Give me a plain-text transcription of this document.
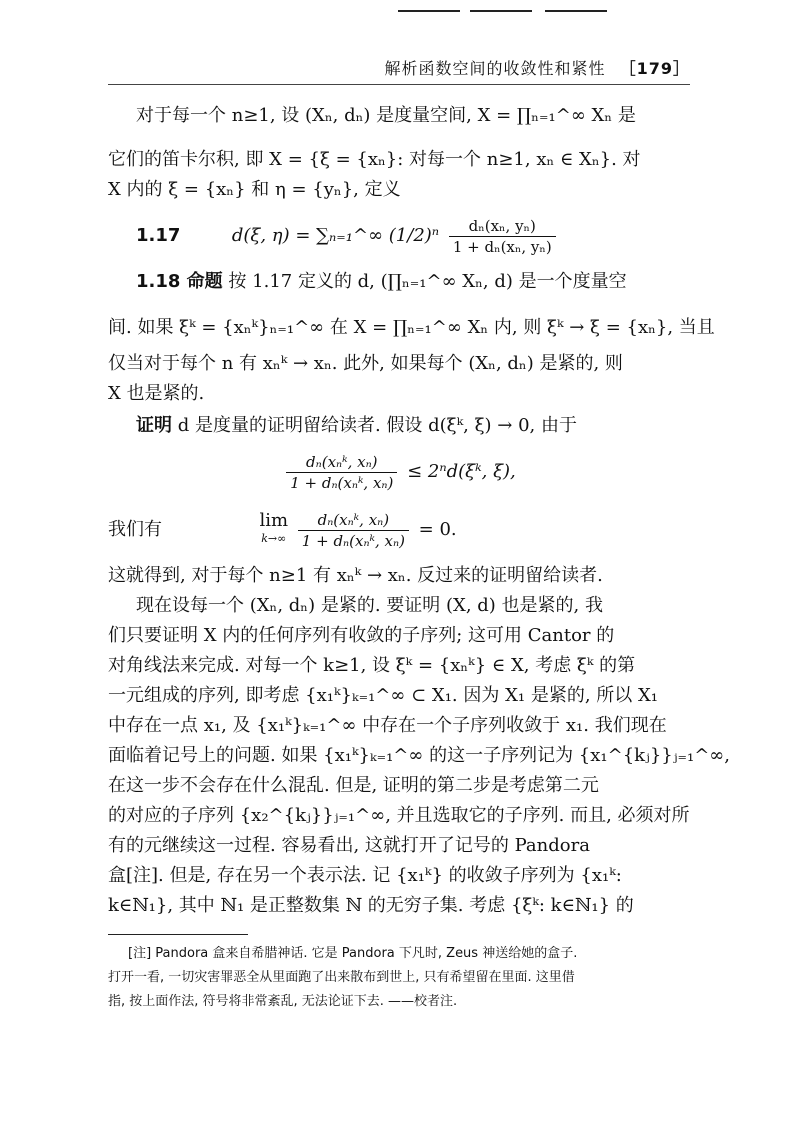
解析函数空间的收敛性和紧性 ［179］
对于每一个 n≥1, 设 (Xₙ, dₙ) 是度量空间, X = ∏ₙ₌₁^∞ Xₙ 是
它们的笛卡尔积, 即 X = {ξ = {xₙ}: 对每一个 n≥1, xₙ ∈ Xₙ}. 对
X 内的 ξ = {xₙ} 和 η = {yₙ}, 定义
1.17	d(ξ, η) = ∑ₙ₌₁^∞ $(1/2)^n \frac{\text{dₙ(xₙ, yₙ)}}{\text{1 + dₙ(xₙ, yₙ)}}$
1.18 命题 按 1.17 定义的 d, (∏ₙ₌₁^∞ Xₙ, d) 是一个度量空
间. 如果 ξᵏ = {xₙᵏ}ₙ₌₁^∞ 在 X = ∏ₙ₌₁^∞ Xₙ 内, 则 ξᵏ → ξ = {xₙ}, 当且
仅当对于每个 n 有 xₙᵏ → xₙ. 此外, 如果每个 (Xₙ, dₙ) 是紧的, 则
X 也是紧的.
证明 d 是度量的证明留给读者. 假设 d(ξᵏ, ξ) → 0, 由于
$\frac{\text{dₙ(xₙᵏ, xₙ)}}{\text{1 + dₙ(xₙᵏ, xₙ)}}$ ≤ 2ⁿd(ξᵏ, ξ),
我们有	lim
k→∞
$\frac{\text{dₙ(xₙᵏ, xₙ)}}{\text{1 + dₙ(xₙᵏ, xₙ)}} = 0$.
这就得到, 对于每个 n≥1 有 xₙᵏ → xₙ. 反过来的证明留给读者.
现在设每一个 (Xₙ, dₙ) 是紧的. 要证明 (X, d) 也是紧的, 我
们只要证明 X 内的任何序列有收敛的子序列; 这可用 Cantor 的
对角线法来完成. 对每一个 k≥1, 设 ξᵏ = {xₙᵏ} ∈ X, 考虑 ξᵏ 的第
一元组成的序列, 即考虑 {x₁ᵏ}ₖ₌₁^∞ ⊂ X₁. 因为 X₁ 是紧的, 所以 X₁
中存在一点 x₁, 及 {x₁ᵏ}ₖ₌₁^∞ 中存在一个子序列收敛于 x₁. 我们现在
面临着记号上的问题. 如果 {x₁ᵏ}ₖ₌₁^∞ 的这一子序列记为 {x₁^{kⱼ}}ⱼ₌₁^∞,
在这一步不会存在什么混乱. 但是, 证明的第二步是考虑第二元
的对应的子序列 {x₂^{kⱼ}}ⱼ₌₁^∞, 并且选取它的子序列. 而且, 必须对所
有的元继续这一过程. 容易看出, 这就打开了记号的 Pandora
盒[注]. 但是, 存在另一个表示法. 记 {x₁ᵏ} 的收敛子序列为 {x₁ᵏ:
k∈ℕ₁}, 其中 ℕ₁ 是正整数集 ℕ 的无穷子集. 考虑 {ξᵏ: k∈ℕ₁} 的
[注] Pandora 盒来自希腊神话. 它是 Pandora 下凡时, Zeus 神送给她的盒子.
打开一看, 一切灾害罪恶全从里面跑了出来散布到世上, 只有希望留在里面. 这里借
指, 按上面作法, 符号将非常紊乱, 无法论证下去. ——校者注.
